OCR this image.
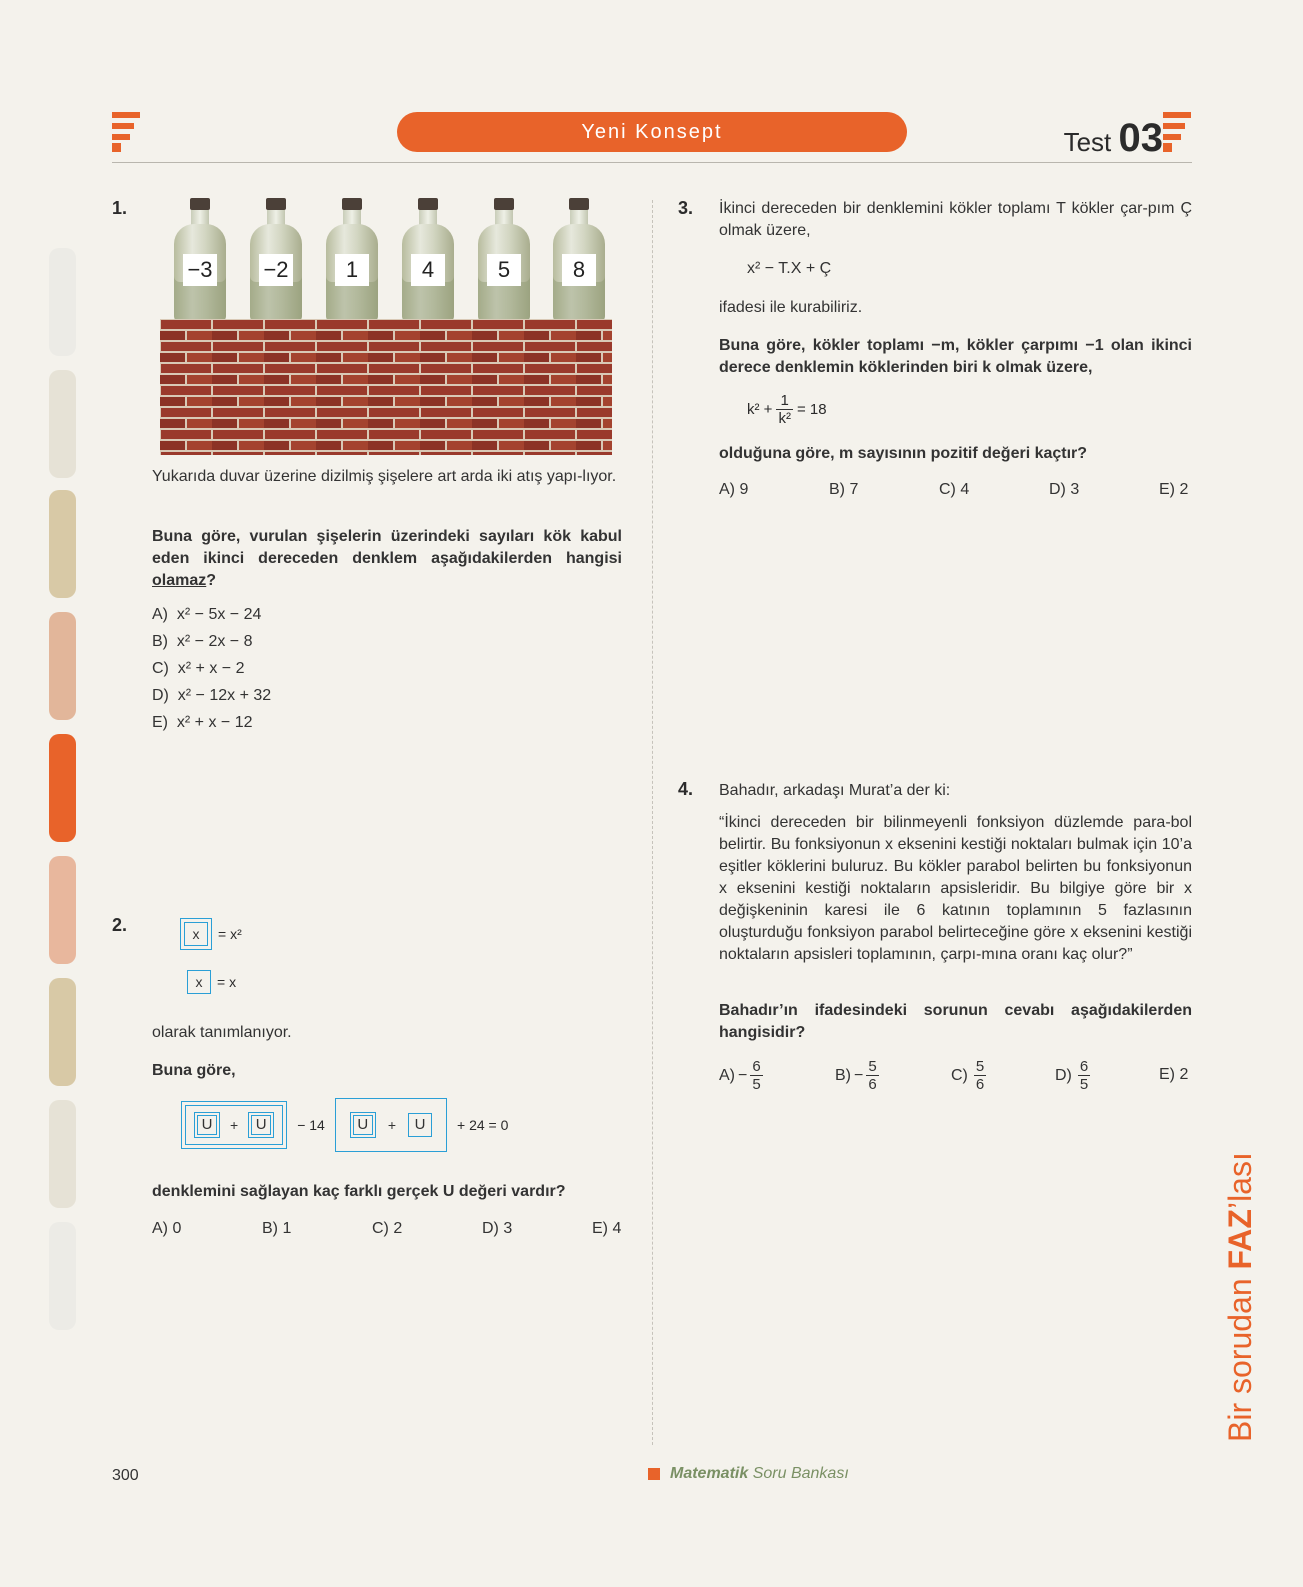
Yeni Konsept	Test 03
1.
−3 −2	1	4	5	8
Yukarıda duvar üzerine dizilmiş şişelere art arda iki atış yapı-lıyor.
Buna göre, vurulan şişelerin üzerindeki sayıları kök kabul eden ikinci dereceden denklem aşağıdakilerden hangisi olamaz?
A) x² − 5x − 24
B) x² − 2x − 8
C) x² + x − 2
D) x² − 12x + 32
E) x² + x − 12
2.	x	= x²
x	= x
olarak tanımlanıyor.
Buna göre,
U	+	U	− 14	U	+	U	+ 24 = 0
denklemini sağlayan kaç farklı gerçek U değeri vardır?
A) 0	B) 1	C) 2	D) 3	E) 4
3. İkinci dereceden bir denklemini kökler toplamı T kökler çar-pım Ç olmak üzere,
x² − T.X + Ç
ifadesi ile kurabiliriz.
Buna göre, kökler toplamı −m, kökler çarpımı −1 olan ikinci derece denklemin köklerinden biri k olmak üzere,
$k^2 + \frac{1}{\text{k²}} = 18$
olduğuna göre, m sayısının pozitif değeri kaçtır?
A) 9	B) 7	C) 4	D) 3	E) 2
4. Bahadır, arkadaşı Murat’a der ki:
“İkinci dereceden bir bilinmeyenli fonksiyon düzlemde para-bol belirtir. Bu fonksiyonun x eksenini kestiği noktaları bulmak için 10’a eşitler köklerini buluruz. Bu kökler parabol belirten bu fonksiyonun x eksenini kestiği noktaların apsisleridir. Bu bilgiye göre bir x değişkeninin karesi ile 6 katının toplamının 5 fazlasının oluşturduğu fonksiyon parabol belirteceğine göre x eksenini kestiği noktaların apsisleri toplamının, çarpı-mına oranı kaç olur?”
Bahadır’ın ifadesindeki sorunun cevabı aşağıdakilerden hangisidir?
$A) - \frac{6}{5}$	$B) - \frac{5}{6}$	$C) \frac{5}{6}$	$D) \frac{6}{5}$	E) 2
Bir sorudan FAZ’lası
300	Matematik Soru Bankası
